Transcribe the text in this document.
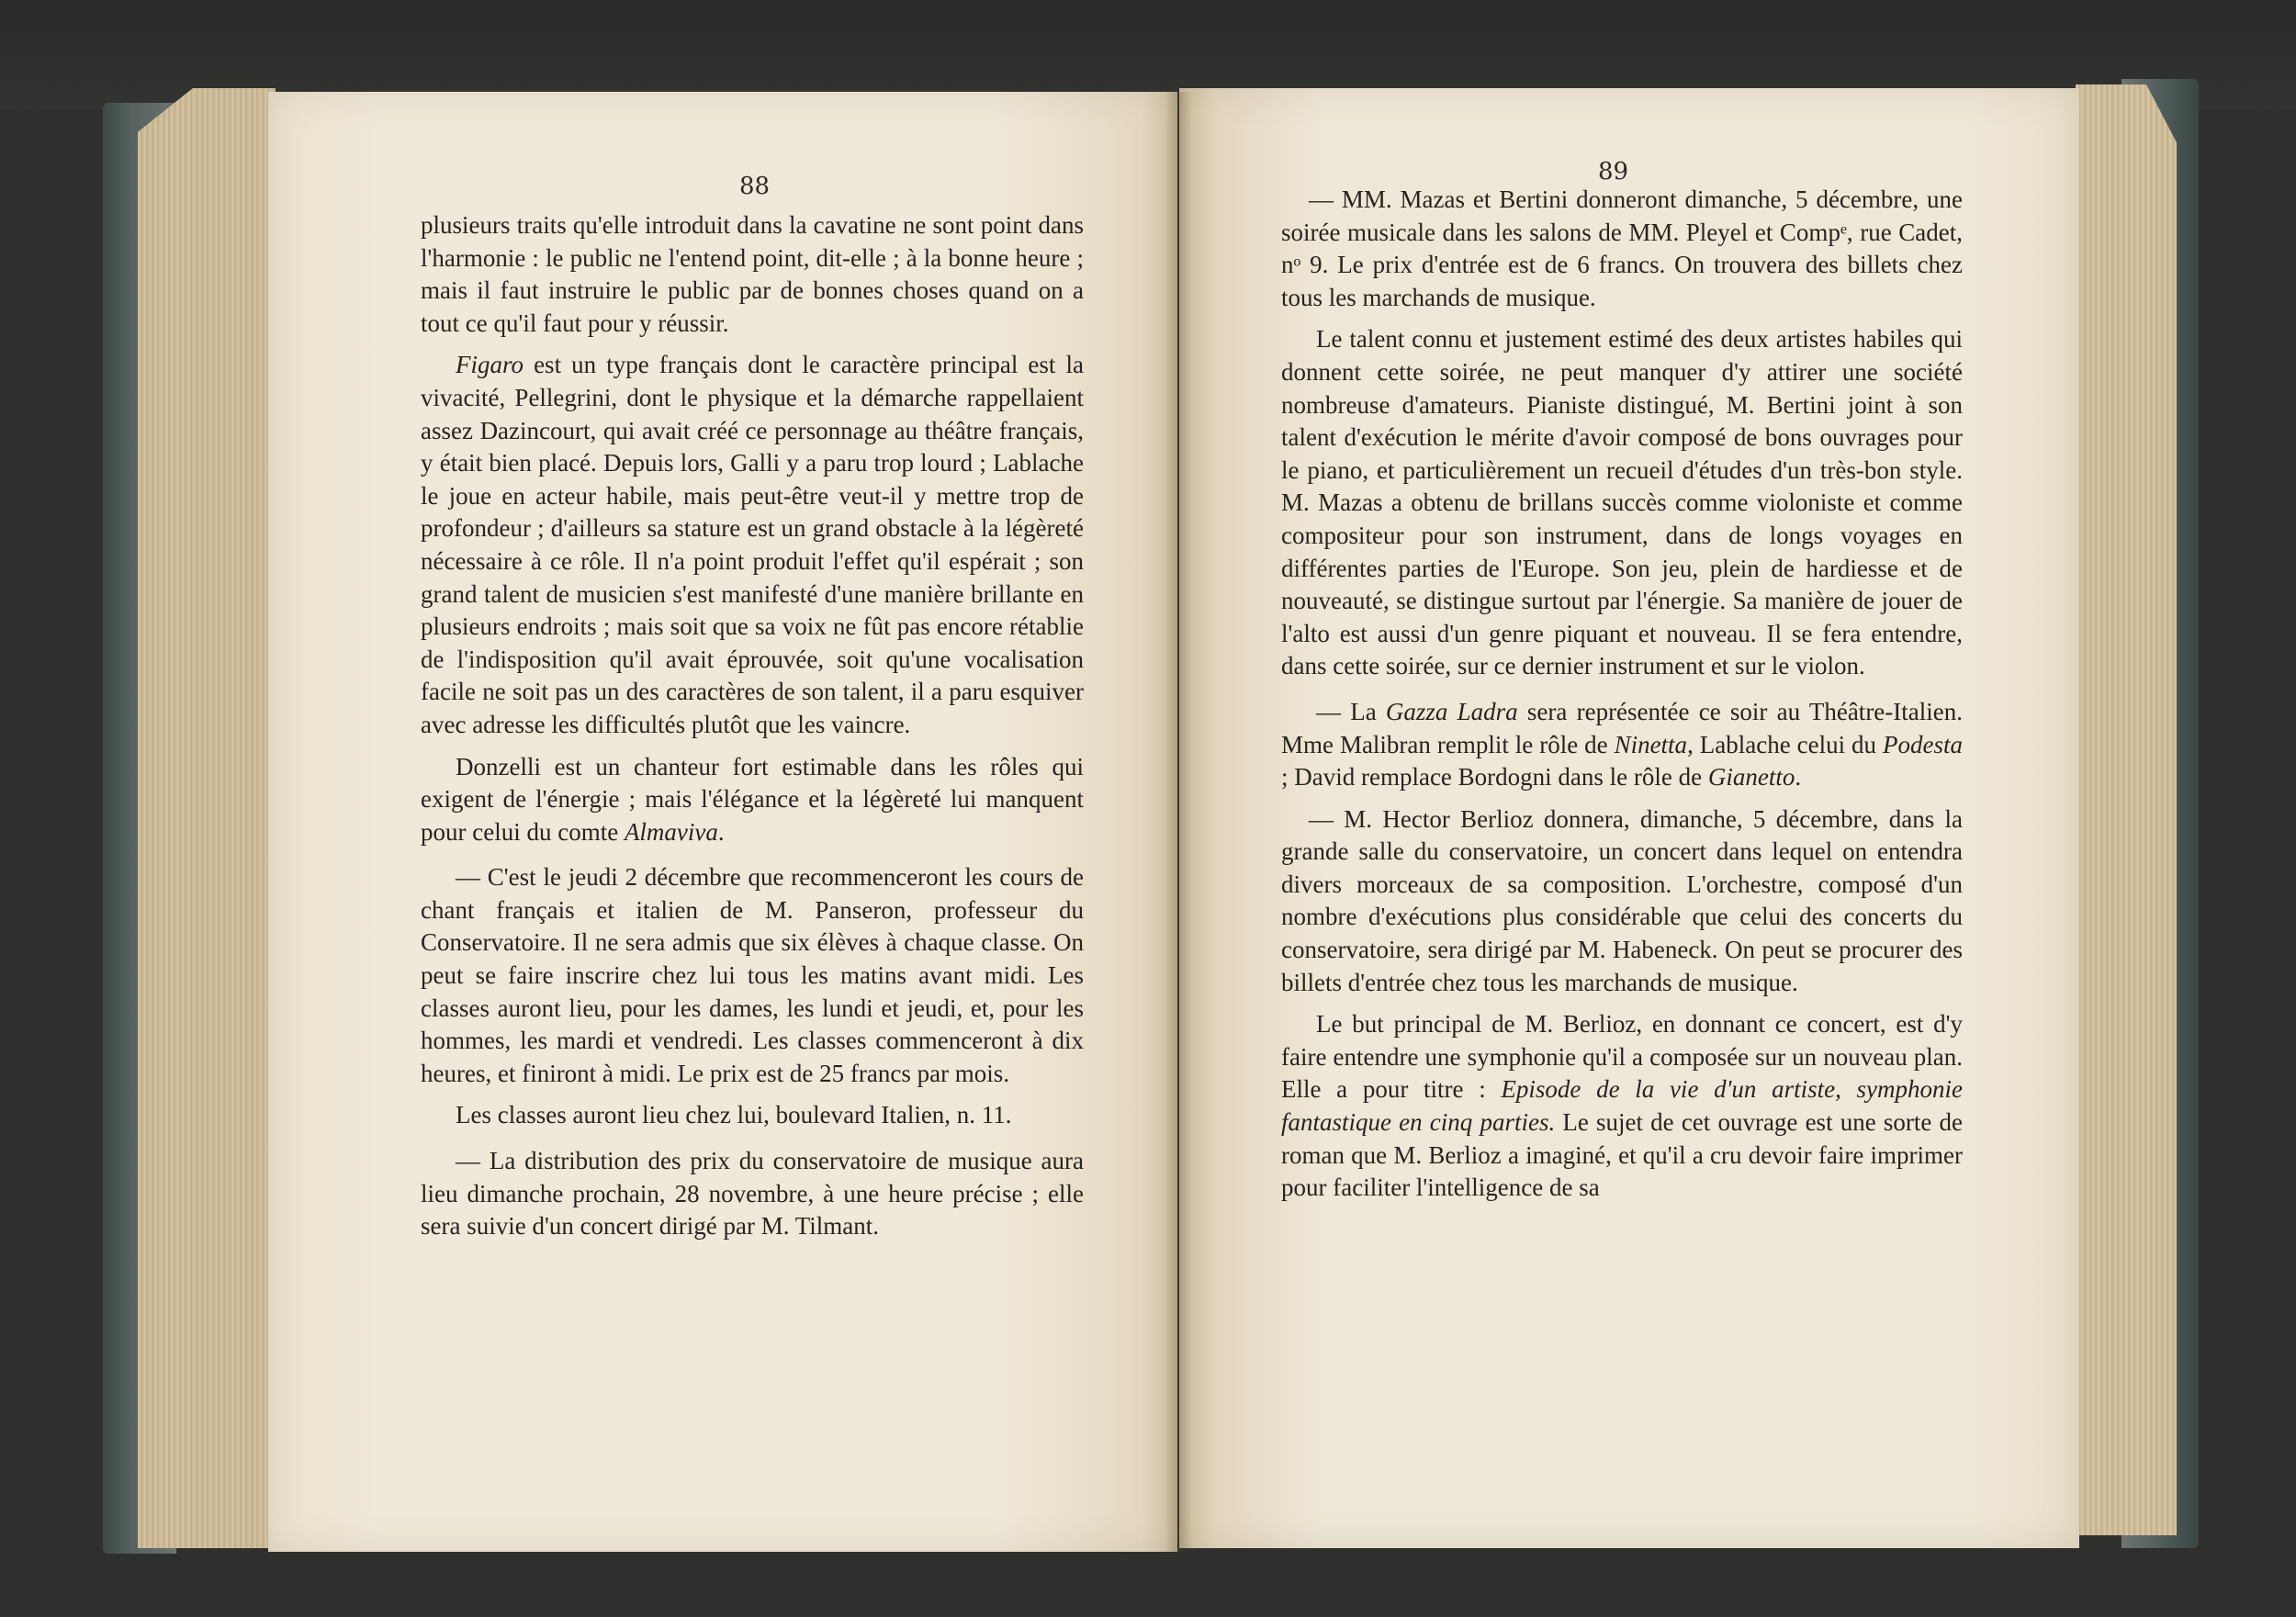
88
89

plusieurs traits qu'elle introduit dans la cavatine ne sont point dans l'harmonie : le public ne l'entend point, dit-elle ; à la bonne heure ; mais il faut instruire le public par de bonnes choses quand on a tout ce qu'il faut pour y réussir.

Figaro est un type français dont le caractère principal est la vivacité, Pellegrini, dont le physique et la démarche rappellaient assez Dazincourt, qui avait créé ce personnage au théâtre français, y était bien placé. Depuis lors, Galli y a paru trop lourd ; Lablache le joue en acteur habile, mais peut-être veut-il y mettre trop de profondeur ; d'ailleurs sa stature est un grand obstacle à la légèreté nécessaire à ce rôle. Il n'a point produit l'effet qu'il espérait ; son grand talent de musicien s'est manifesté d'une manière brillante en plusieurs endroits ; mais soit que sa voix ne fût pas encore rétablie de l'indisposition qu'il avait éprouvée, soit qu'une vocalisation facile ne soit pas un des caractères de son talent, il a paru esquiver avec adresse les difficultés plutôt que les vaincre.

Donzelli est un chanteur fort estimable dans les rôles qui exigent de l'énergie ; mais l'élégance et la légèreté lui manquent pour celui du comte Almaviva.

— C'est le jeudi 2 décembre que recommenceront les cours de chant français et italien de M. Panseron, professeur du Conservatoire. Il ne sera admis que six élèves à chaque classe. On peut se faire inscrire chez lui tous les matins avant midi. Les classes auront lieu, pour les dames, les lundi et jeudi, et, pour les hommes, les mardi et vendredi. Les classes commenceront à dix heures, et finiront à midi. Le prix est de 25 francs par mois.

Les classes auront lieu chez lui, boulevard Italien, n. 11.

— La distribution des prix du conservatoire de musique aura lieu dimanche prochain, 28 novembre, à une heure précise ; elle sera suivie d'un concert dirigé par M. Tilmant.

— MM. Mazas et Bertini donneront dimanche, 5 décembre, une soirée musicale dans les salons de MM. Pleyel et Compᵉ, rue Cadet, nᵒ 9. Le prix d'entrée est de 6 francs. On trouvera des billets chez tous les marchands de musique.

Le talent connu et justement estimé des deux artistes habiles qui donnent cette soirée, ne peut manquer d'y attirer une société nombreuse d'amateurs. Pianiste distingué, M. Bertini joint à son talent d'exécution le mérite d'avoir composé de bons ouvrages pour le piano, et particulièrement un recueil d'études d'un très-bon style. M. Mazas a obtenu de brillans succès comme violoniste et comme compositeur pour son instrument, dans de longs voyages en différentes parties de l'Europe. Son jeu, plein de hardiesse et de nouveauté, se distingue surtout par l'énergie. Sa manière de jouer de l'alto est aussi d'un genre piquant et nouveau. Il se fera entendre, dans cette soirée, sur ce dernier instrument et sur le violon.

— La Gazza Ladra sera représentée ce soir au Théâtre-Italien. Mme Malibran remplit le rôle de Ninetta, Lablache celui du Podesta ; David remplace Bordogni dans le rôle de Gianetto.

— M. Hector Berlioz donnera, dimanche, 5 décembre, dans la grande salle du conservatoire, un concert dans lequel on entendra divers morceaux de sa composition. L'orchestre, composé d'un nombre d'exécutions plus considérable que celui des concerts du conservatoire, sera dirigé par M. Habeneck. On peut se procurer des billets d'entrée chez tous les marchands de musique.

Le but principal de M. Berlioz, en donnant ce concert, est d'y faire entendre une symphonie qu'il a composée sur un nouveau plan. Elle a pour titre : Episode de la vie d'un artiste, symphonie fantastique en cinq parties. Le sujet de cet ouvrage est une sorte de roman que M. Berlioz a imaginé, et qu'il a cru devoir faire imprimer pour faciliter l'intelligence de sa
